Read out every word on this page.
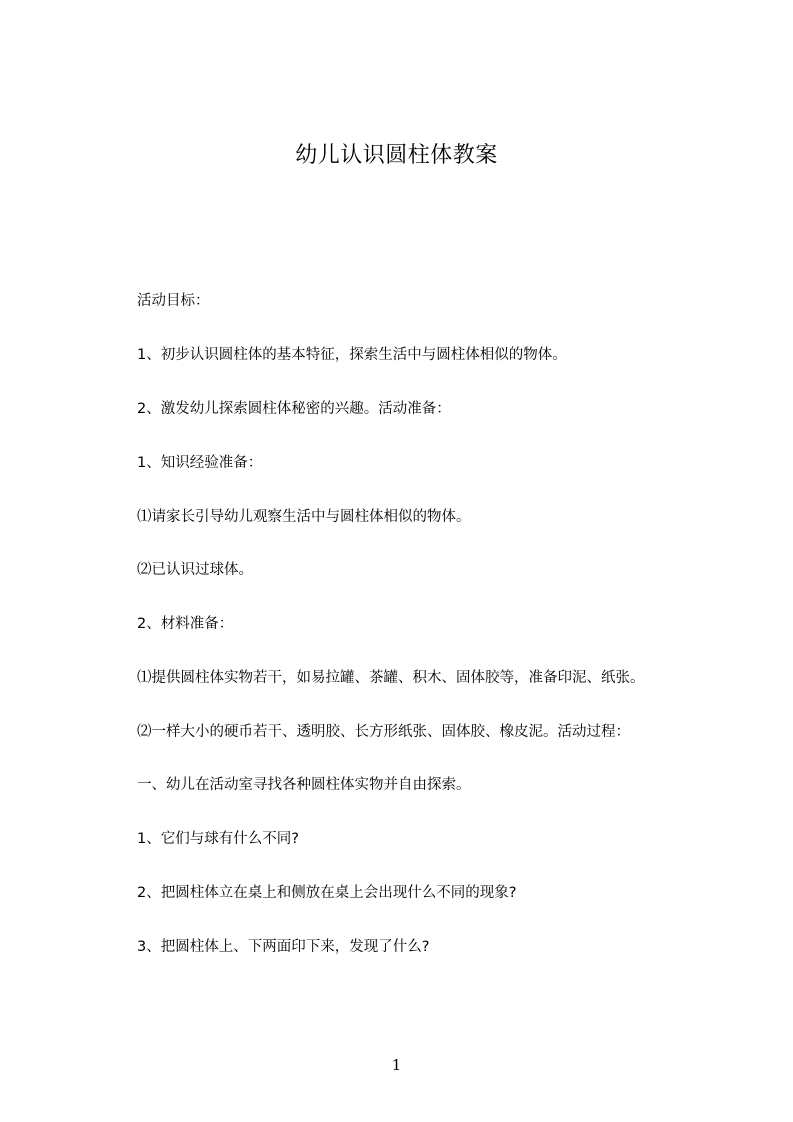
幼儿认识圆柱体教案
活动目标：
1、初步认识圆柱体的基本特征，探索生活中与圆柱体相似的物体。
2、激发幼儿探索圆柱体秘密的兴趣。活动准备：
1、知识经验准备：
⑴请家长引导幼儿观察生活中与圆柱体相似的物体。
⑵已认识过球体。
2、材料准备：
⑴提供圆柱体实物若干，如易拉罐、茶罐、积木、固体胶等，准备印泥、纸张。
⑵一样大小的硬币若干、透明胶、长方形纸张、固体胶、橡皮泥。活动过程：
一、幼儿在活动室寻找各种圆柱体实物并自由探索。
1、它们与球有什么不同?
2、把圆柱体立在桌上和侧放在桌上会出现什么不同的现象?
3、把圆柱体上、下两面印下来，发现了什么?
1
